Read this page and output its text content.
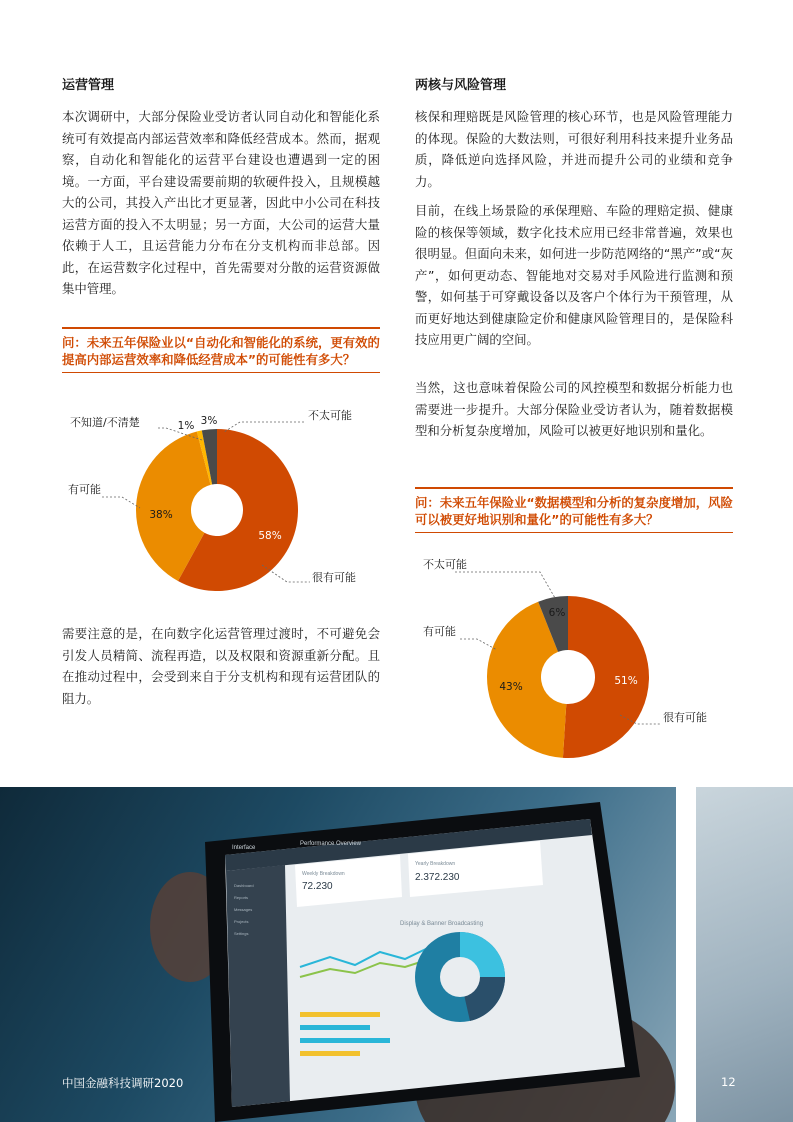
运营管理

本次调研中，大部分保险业受访者认同自动化和智能化系统可有效提高内部运营效率和降低经营成本。然而，据观察，自动化和智能化的运营平台建设也遭遇到一定的困境。一方面，平台建设需要前期的软硬件投入，且规模越大的公司，其投入产出比才更显著，因此中小公司在科技运营方面的投入不太明显；另一方面，大公司的运营大量依赖于人工，且运营能力分布在分支机构而非总部。因此，在运营数字化过程中，首先需要对分散的运营资源做集中管理。

问：未来五年保险业以“自动化和智能化的系统，更有效的提高内部运营效率和降低经营成本”的可能性有多大？
58%
很有可能
38%
有可能
1%
不知道/不清楚	3%	不太可能

需要注意的是，在向数字化运营管理过渡时，不可避免会引发人员精简、流程再造，以及权限和资源重新分配。且在推动过程中，会受到来自于分支机构和现有运营团队的阻力。

两核与风险管理

核保和理赔既是风险管理的核心环节，也是风险管理能力的体现。保险的大数法则，可很好利用科技来提升业务品质，降低逆向选择风险，并进而提升公司的业绩和竞争力。

目前，在线上场景险的承保理赔、车险的理赔定损、健康险的核保等领域，数字化技术应用已经非常普遍，效果也很明显。但面向未来，如何进一步防范网络的“黑产”或“灰产”，如何更动态、智能地对交易对手风险进行监测和预警，如何基于可穿戴设备以及客户个体行为干预管理，从而更好地达到健康险定价和健康风险管理目的，是保险科技应用更广阔的空间。

当然，这也意味着保险公司的风控模型和数据分析能力也需要进一步提升。大部分保险业受访者认为，随着数据模型和分析复杂度增加，风险可以被更好地识别和量化。

问：未来五年保险业“数据模型和分析的复杂度增加，风险可以被更好地识别和量化”的可能性有多大？
51%
很有可能
43%
有可能
6%
不太可能
Interface
Performance Overview
Weekly Breakdown
72.230
Yearly Breakdown
2.372.230
Display & Banner Broadcasting
Dashboard
Reports
Messages
Projects
Settings
中国金融科技调研2020	12
